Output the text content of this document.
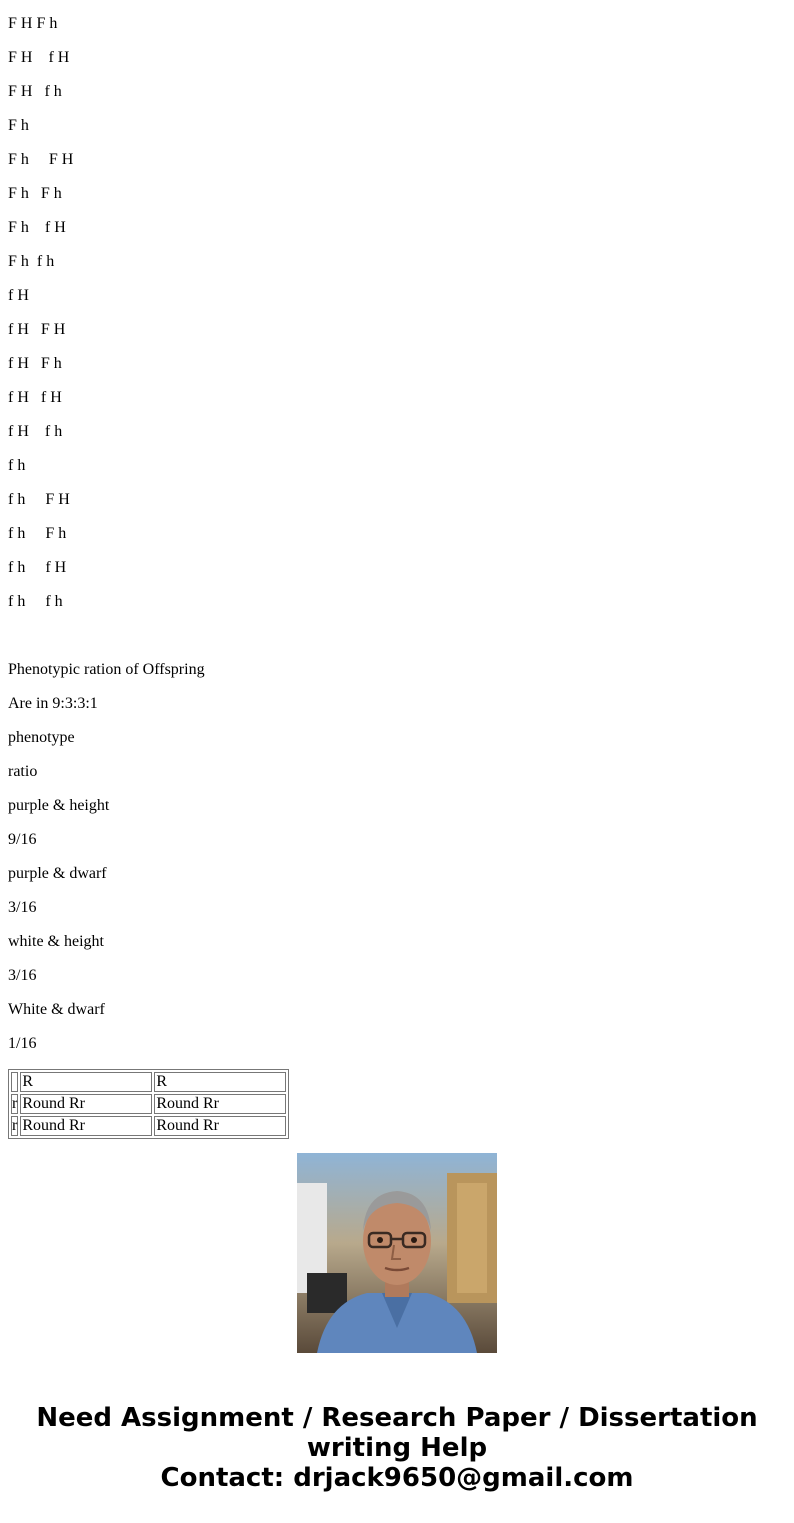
F H F h
F H    f H
F H   f h
F h
F h     F H
F h   F h
F h    f H
F h  f h
f H
f H   F H
f H   F h
f H   f H
f H    f h
f h
f h     F H
f h     F h
f h     f H
f h     f h
Phenotypic ration of Offspring
Are in 9:3:3:1
phenotype
ratio
purple & height
9/16
purple & dwarf
3/16
white & height
3/16
White & dwarf
1/16
	R	R
r	Round Rr	Round Rr
r	Round Rr	Round Rr
Need Assignment / Research Paper / Dissertation
writing Help
Contact: drjack9650@gmail.com
